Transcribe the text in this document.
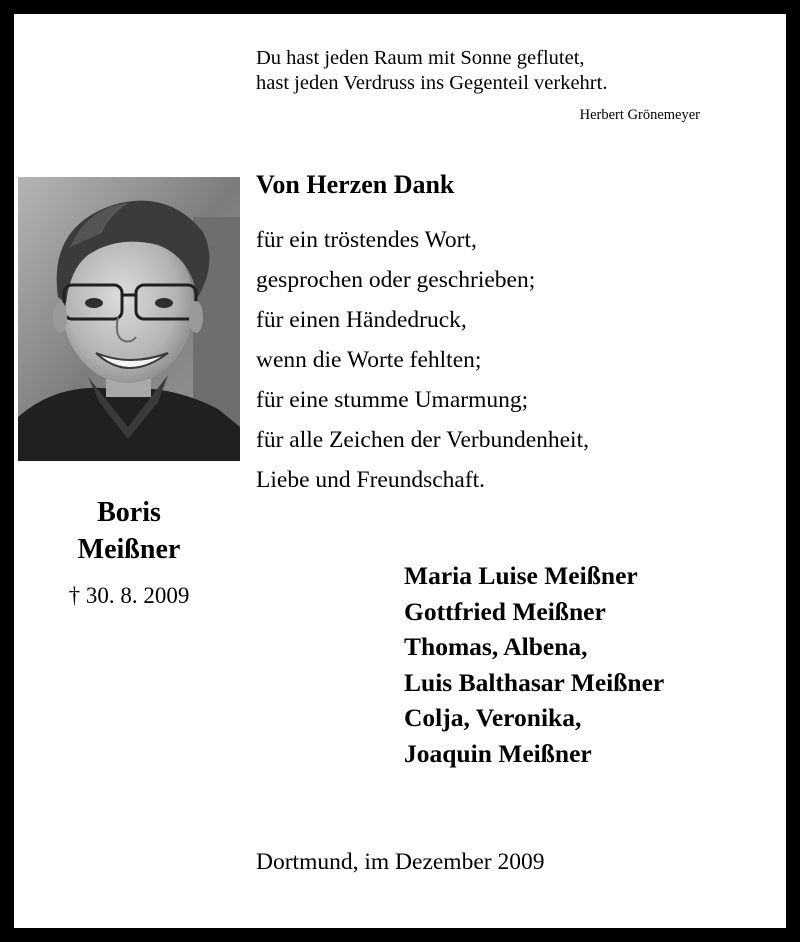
Du hast jeden Raum mit Sonne geflutet,
hast jeden Verdruss ins Gegenteil verkehrt.
Herbert Grönemeyer
Von Herzen Dank
für ein tröstendes Wort,
gesprochen oder geschrieben;
für einen Händedruck,
wenn die Worte fehlten;
für eine stumme Umarmung;
für alle Zeichen der Verbundenheit,
Liebe und Freundschaft.
Boris
Meißner
† 30. 8. 2009
Maria Luise Meißner
Gottfried Meißner
Thomas, Albena,
Luis Balthasar Meißner
Colja, Veronika,
Joaquin Meißner
Dortmund, im Dezember 2009
